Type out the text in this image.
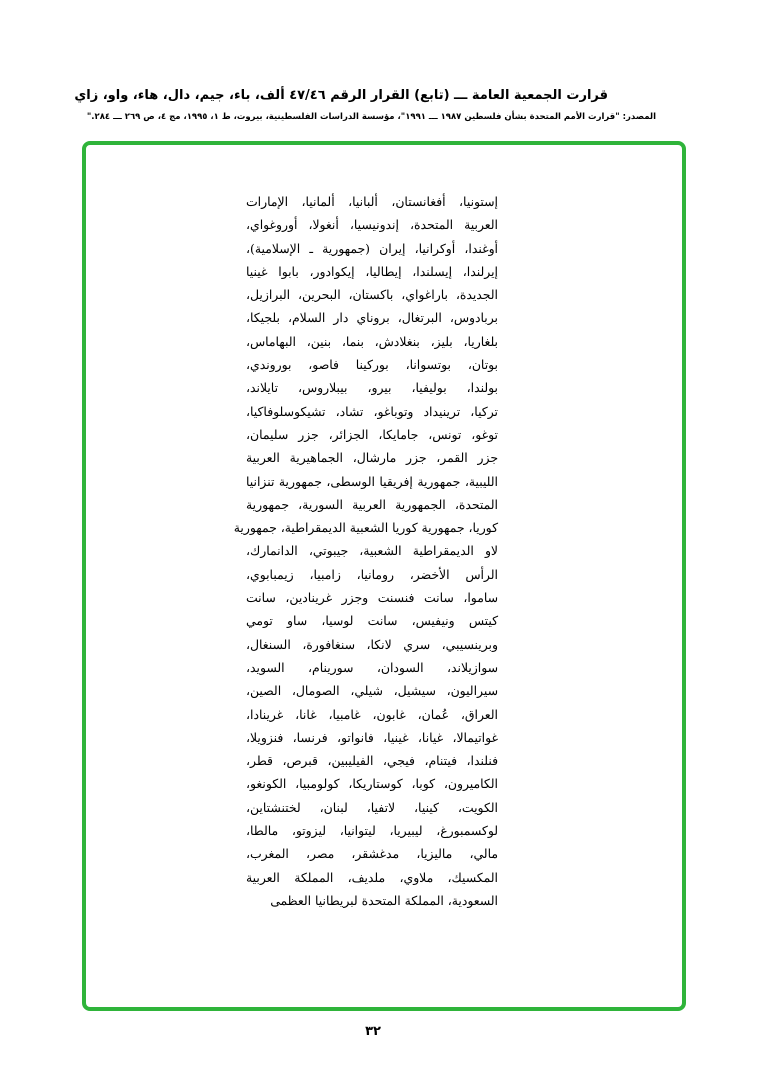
قرارت الجمعية العامة ـــ (تابع) القرار الرقم ٤٧/٤٦ ألف، باء، جيم، دال، هاء، واو، زاي
المصدر: "قرارت الأمم المتحدة بشأن فلسطين ١٩٨٧ ـــ ١٩٩١"، مؤسسة الدراسات الفلسطينية، بيروت، ط ١، ١٩٩٥، مج ٤، ص ٢٦٩ ـــ ٢٨٤."
إستونيا، أفغانستان، ألبانيا، ألمانيا، الإمارات
العربية المتحدة، إندونيسيا، أنغولا، أوروغواي،
أوغندا، أوكرانيا، إيران (جمهورية ـ الإسلامية)،
إيرلندا، إيسلندا، إيطاليا، إيكوادور، بابوا غينيا
الجديدة، باراغواي، باكستان، البحرين، البرازيل،
بربادوس، البرتغال، بروناي دار السلام، بلجيكا،
بلغاريا، بليز، بنغلادش، بنما، بنين، البهاماس،
بوتان، بوتسوانا، بوركينا فاصو، بوروندي،
بولندا، بوليفيا، بيرو، بيبلاروس، تايلاند،
تركيا، ترينيداد وتوباغو، تشاد، تشيكوسلوفاكيا،
توغو، تونس، جامايكا، الجزائر، جزر سليمان،
جزر القمر، جزر مارشال، الجماهيرية العربية
الليبية، جمهورية إفريقيا الوسطى، جمهورية تنزانيا
المتحدة، الجمهورية العربية السورية، جمهورية
كوريا، جمهورية كوريا الشعبية الديمقراطية، جمهورية
لاو الديمقراطية الشعبية، جيبوتي، الدانمارك،
الرأس الأخضر، رومانيا، زامبيا، زيمبابوي،
ساموا، سانت فنسنت وجزر غرينادين، سانت
كيتس ونيفيس، سانت لوسيا، ساو تومي
وبرينسيبي، سري لانكا، سنغافورة، السنغال،
سوازيلاند، السودان، سورينام، السويد،
سيراليون، سيشيل، شيلي، الصومال، الصين،
العراق، عُمان، غابون، غامبيا، غانا، غرينادا،
غواتيمالا، غيانا، غينيا، فانواتو، فرنسا، فنزويلا،
فنلندا، فيتنام، فيجي، الفيليبين، قبرص، قطر،
الكاميرون، كوبا، كوستاريكا، كولومبيا، الكونغو،
الكويت، كينيا، لاتفيا، لبنان، لختنشتاين،
لوكسمبورغ، ليبيريا، ليتوانيا، ليزوتو، مالطا،
مالي، ماليزيا، مدغشقر، مصر، المغرب،
المكسيك، ملاوي، ملديف، المملكة العربية
السعودية، المملكة المتحدة لبريطانيا العظمى
٣٢
